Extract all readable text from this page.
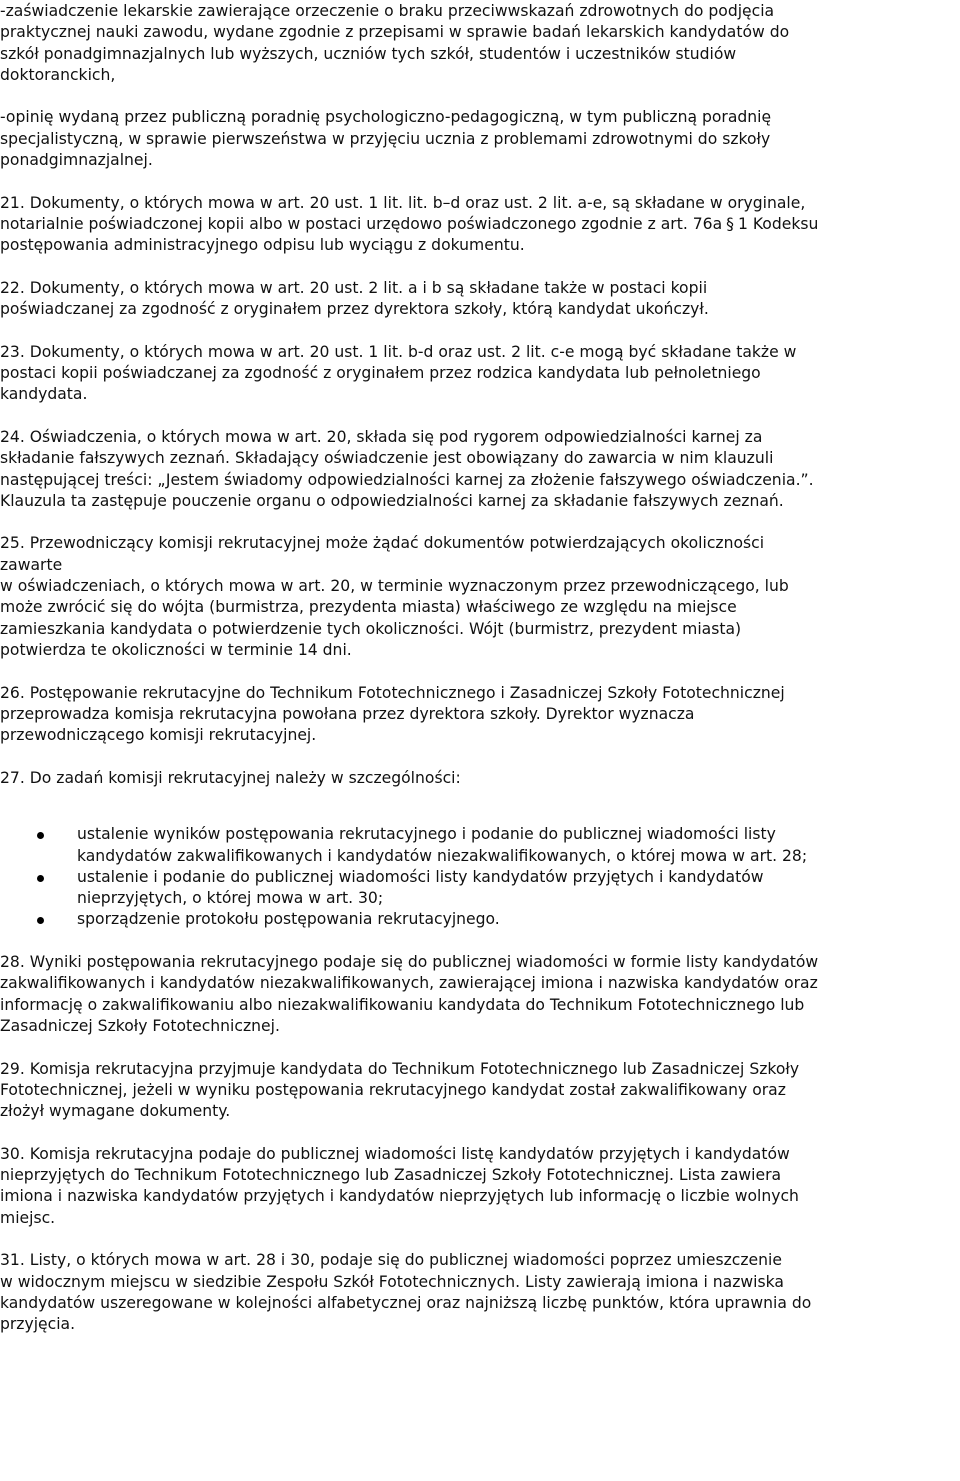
-zaświadczenie lekarskie zawierające orzeczenie o braku przeciwwskazań zdrowotnych do podjęcia
praktycznej nauki zawodu, wydane zgodnie z przepisami w sprawie badań lekarskich kandydatów do
szkół ponadgimnazjalnych lub wyższych, uczniów tych szkół, studentów i uczestników studiów
doktoranckich,

-opinię wydaną przez publiczną poradnię psychologiczno-pedagogiczną, w tym publiczną poradnię
specjalistyczną, w sprawie pierwszeństwa w przyjęciu ucznia z problemami zdrowotnymi do szkoły
ponadgimnazjalnej.

21. Dokumenty, o których mowa w art. 20 ust. 1 lit. lit. b–d oraz ust. 2 lit. a-e, są składane w oryginale,
notarialnie poświadczonej kopii albo w postaci urzędowo poświadczonego zgodnie z art. 76a § 1 Kodeksu
postępowania administracyjnego odpisu lub wyciągu z dokumentu.

22. Dokumenty, o których mowa w art. 20 ust. 2 lit. a i b są składane także w postaci kopii
poświadczanej za zgodność z oryginałem przez dyrektora szkoły, którą kandydat ukończył.

23. Dokumenty, o których mowa w art. 20 ust. 1 lit. b-d oraz ust. 2 lit. c-e mogą być składane także w
postaci kopii poświadczanej za zgodność z oryginałem przez rodzica kandydata lub pełnoletniego
kandydata.

24. Oświadczenia, o których mowa w art. 20, składa się pod rygorem odpowiedzialności karnej za
składanie fałszywych zeznań. Składający oświadczenie jest obowiązany do zawarcia w nim klauzuli
następującej treści: „Jestem świadomy odpowiedzialności karnej za złożenie fałszywego oświadczenia.”.
Klauzula ta zastępuje pouczenie organu o odpowiedzialności karnej za składanie fałszywych zeznań.

25. Przewodniczący komisji rekrutacyjnej może żądać dokumentów potwierdzających okoliczności
zawarte
w oświadczeniach, o których mowa w art. 20, w terminie wyznaczonym przez przewodniczącego, lub
może zwrócić się do wójta (burmistrza, prezydenta miasta) właściwego ze względu na miejsce
zamieszkania kandydata o potwierdzenie tych okoliczności. Wójt (burmistrz, prezydent miasta)
potwierdza te okoliczności w terminie 14 dni.

26. Postępowanie rekrutacyjne do Technikum Fototechnicznego i Zasadniczej Szkoły Fototechnicznej
przeprowadza komisja rekrutacyjna powołana przez dyrektora szkoły. Dyrektor wyznacza
przewodniczącego komisji rekrutacyjnej.

27. Do zadań komisji rekrutacyjnej należy w szczególności:

ustalenie wyników postępowania rekrutacyjnego i podanie do publicznej wiadomości listy
kandydatów zakwalifikowanych i kandydatów niezakwalifikowanych, o której mowa w art. 28;
ustalenie i podanie do publicznej wiadomości listy kandydatów przyjętych i kandydatów
nieprzyjętych, o której mowa w art. 30;
sporządzenie protokołu postępowania rekrutacyjnego.

28. Wyniki postępowania rekrutacyjnego podaje się do publicznej wiadomości w formie listy kandydatów
zakwalifikowanych i kandydatów niezakwalifikowanych, zawierającej imiona i nazwiska kandydatów oraz
informację o zakwalifikowaniu albo niezakwalifikowaniu kandydata do Technikum Fototechnicznego lub
Zasadniczej Szkoły Fototechnicznej.

29. Komisja rekrutacyjna przyjmuje kandydata do Technikum Fototechnicznego lub Zasadniczej Szkoły
Fototechnicznej, jeżeli w wyniku postępowania rekrutacyjnego kandydat został zakwalifikowany oraz
złożył wymagane dokumenty.

30. Komisja rekrutacyjna podaje do publicznej wiadomości listę kandydatów przyjętych i kandydatów
nieprzyjętych do Technikum Fototechnicznego lub Zasadniczej Szkoły Fototechnicznej. Lista zawiera
imiona i nazwiska kandydatów przyjętych i kandydatów nieprzyjętych lub informację o liczbie wolnych
miejsc.

31. Listy, o których mowa w art. 28 i 30, podaje się do publicznej wiadomości poprzez umieszczenie
w widocznym miejscu w siedzibie Zespołu Szkół Fototechnicznych. Listy zawierają imiona i nazwiska
kandydatów uszeregowane w kolejności alfabetycznej oraz najniższą liczbę punktów, która uprawnia do
przyjęcia.
